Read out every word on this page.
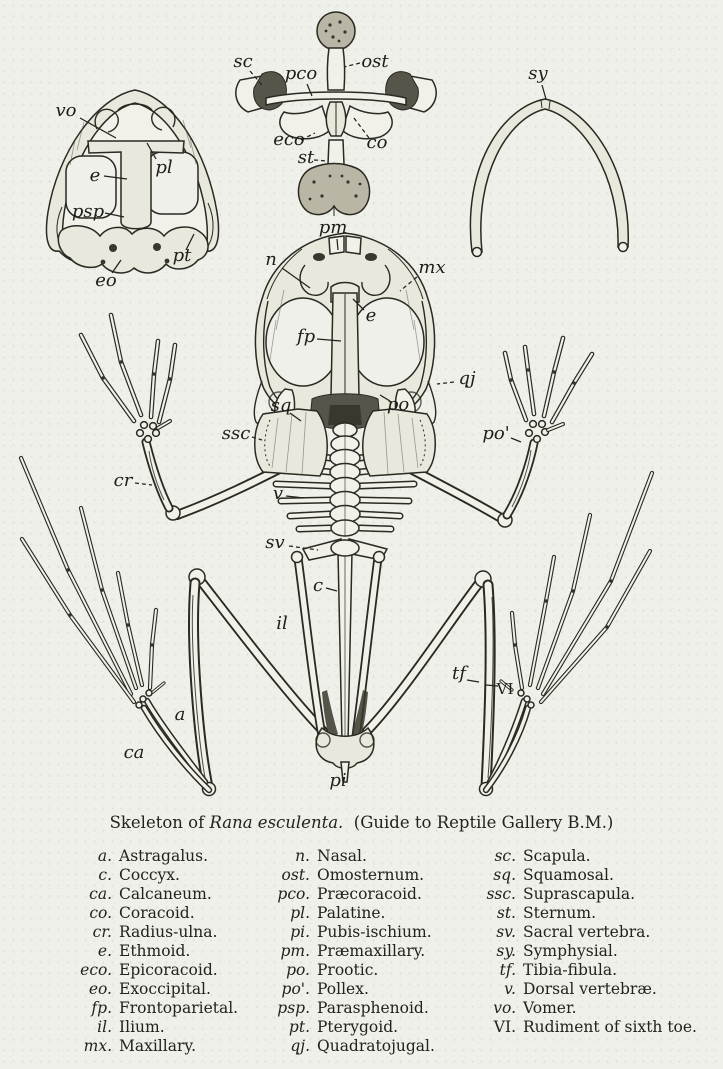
vo
e	pl
psp
pt
eo
sc
pco
ost
eco	co
st
sy
pm
n	mx
e
fp
qj
sq	po
ssc
cr
v
sv
c
il
a
ca
pi
tf
VI
po'
Skeleton of Rana esculenta.  (Guide to Reptile Gallery B.M.)
a. Astragalus.
c. Coccyx.
ca. Calcaneum.
co. Coracoid.
cr. Radius-ulna.
e. Ethmoid.
eco. Epicoracoid.
eo. Exoccipital.
fp. Frontoparietal.
il. Ilium.
mx. Maxillary.
n. Nasal.
ost. Omosternum.
pco. Præcoracoid.
pl. Palatine.
pi. Pubis-ischium.
pm. Præmaxillary.
po. Prootic.
po'. Pollex.
psp. Parasphenoid.
pt. Pterygoid.
qj. Quadratojugal.
sc. Scapula.
sq. Squamosal.
ssc. Suprascapula.
st. Sternum.
sv. Sacral vertebra.
sy. Symphysial.
tf. Tibia-fibula.
v. Dorsal vertebræ.
vo. Vomer.
VI. Rudiment of sixth toe.
